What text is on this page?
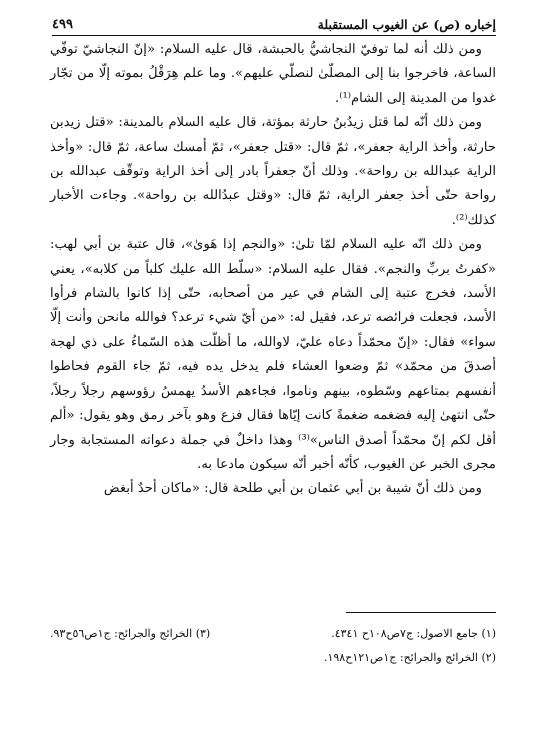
إخباره (ص) عن الغيوب المستقبلة
٤٩٩

ومن ذلك أنه لما توفيّ النجاشيُّ بالحبشة، قال عليه السلام: «إنّ النجاشيّ توفّي الساعة، فاخرجوا بنا إلى المصلّىٰ لنصلّي عليهم». وما علم هِرَقْلُ بموته إلّا من تجّار غدوا من المدينة إلى الشام⁽¹⁾.

ومن ذلك أنّه لما قتل زيدُبنُ حارثة بمؤتة، قال عليه السلام بالمدينة: «قتل زيدبن حارثة، وأخذ الراية جعفر»، ثمّ قال: «قتل جعفر»، ثمّ أمسك ساعة، ثمّ قال: «وأخذ الراية عبدالله بن رواحة». وذلك أنّ جعفراً بادر إلى أخذ الراية وتوقّف عبدالله بن رواحة حتّى أخذ جعفر الراية، ثمّ قال: «وقتل عبدُالله بن رواحة». وجاءت الأخبار كذلك⁽²⁾.

ومن ذلك انّه عليه السلام لمّا تلىٰ: «والنجم إذا هَوىٰ»، قال عتبة بن أبي لهب: «كفرتُ بربِّ والنجم». فقال عليه السلام: «سلّط الله عليك كلباً من كلابه»، يعني الأسد، فخرج عتبة إلى الشام في عير من أصحابه، حتّى إذا كانوا بالشام فرأوا الأسد، فجعلت فرائصه ترعد، فقيل له: «من أيّ شيء ترعد؟ فوالله مانحن وأنت إلّا سواء» فقال: «إنّ محمّداً دعاه عليّ، لاوالله، ما أظلّت هذه السّماءُ على ذي لهجة أصدقَ من محمّد» ثمّ وضعوا العشاء فلم يدخل يده فيه، ثمّ جاء القوم فحاطوا أنفسهم بمتاعهم وسّطوه، بينهم وناموا، فجاءهم الأسدُ يهمسُ رؤوسهم رجلاً رجلاً، حتّى انتهىٰ إليه فضغمه ضغمةً كانت إيّاها فقال فزع وهو بآخر رمق وهو يقول: «ألم أقل لكم إنّ محمّداً أصدق الناس»⁽³⁾ وهذا داخلٌ في جملة دعواته المستجابة وجار مجرى الخبر عن الغيوب، كأنّه أخبر أنّه سيكون مادعا به.

ومن ذلك أنّ شيبة بن أبي عثمان بن أبي طلحة قال: «ماكان أحدٌ أبغض

(١) جامع الاصول: ج٧ص١٠٨ح ٤٣٤١.
(٣) الخرائج والجرائح: ج١ص٥٦ح٩٣.
(٢) الخرائج والجرائح: ج١ص١٢١ح١٩٨.
